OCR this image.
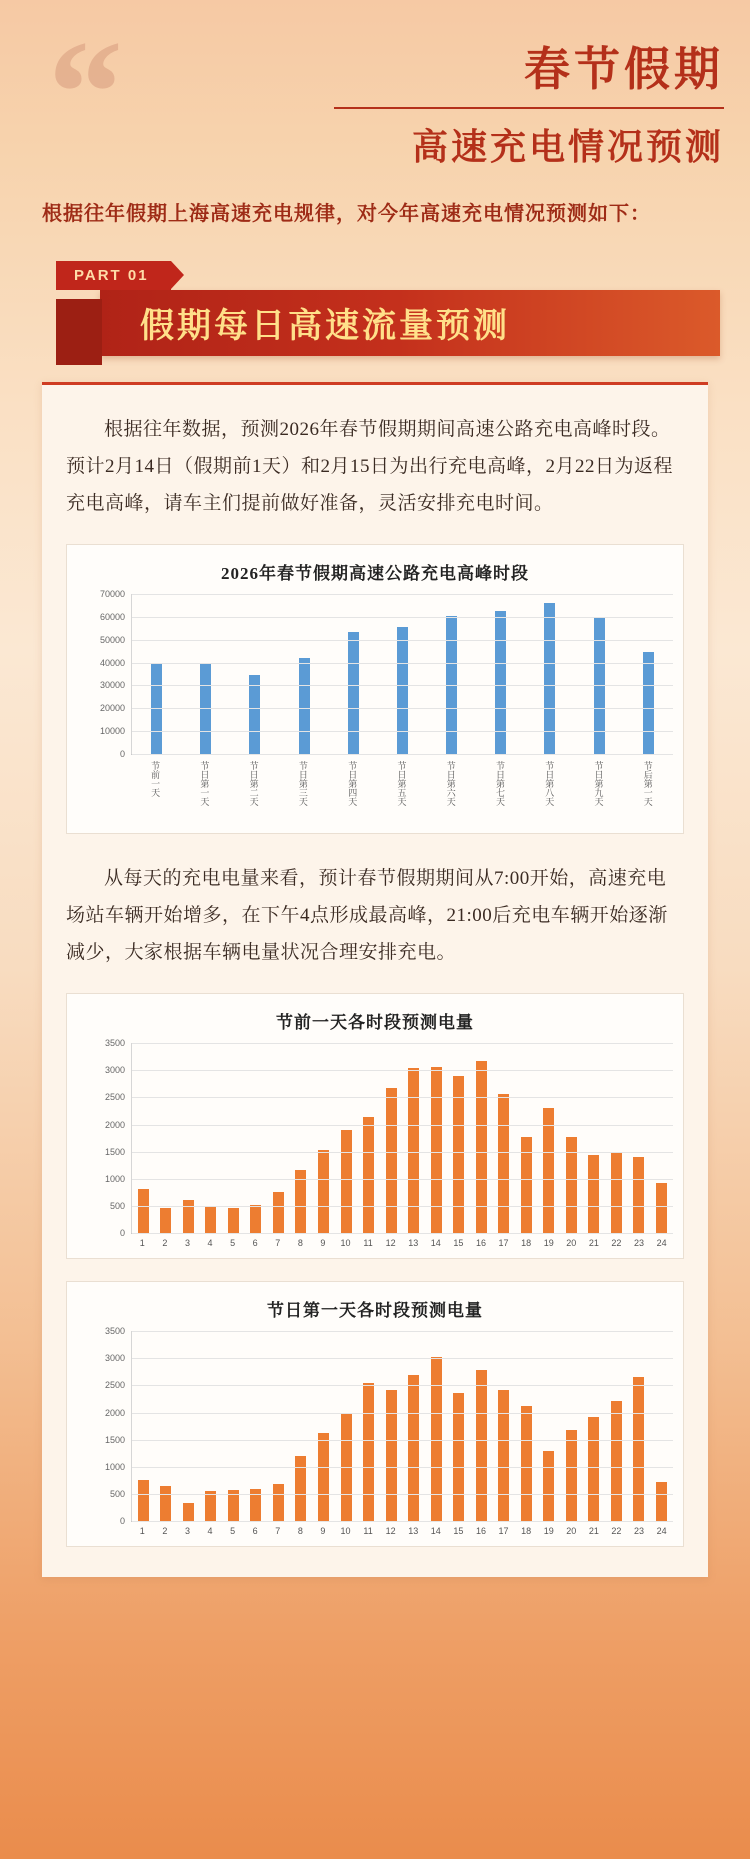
“	春节假期
高速充电情况预测
根据往年假期上海高速充电规律，对今年高速充电情况预测如下：
PART 01
假期每日高速流量预测
根据往年数据，预测2026年春节假期期间高速公路充电高峰时段。预计2月14日（假期前1天）和2月15日为出行充电高峰，2月22日为返程充电高峰，请车主们提前做好准备，灵活安排充电时间。
2026年春节假期高速公路充电高峰时段
0
10000
20000
30000
40000
50000
60000
70000
节前一天	节日第一天	节日第二天	节日第三天	节日第四天	节日第五天	节日第六天	节日第七天	节日第八天	节日第九天	节后第一天
从每天的充电电量来看，预计春节假期期间从7:00开始，高速充电场站车辆开始增多，在下午4点形成最高峰，21:00后充电车辆开始逐渐减少，大家根据车辆电量状况合理安排充电。
节前一天各时段预测电量
0
500
1000
1500
2000
2500
3000
3500
1	2	3	4	5	6	7	8	9	10	11	12	13	14	15	16	17	18	19	20	21	22	23	24
节日第一天各时段预测电量
0
500
1000
1500
2000
2500
3000
3500
1	2	3	4	5	6	7	8	9	10	11	12	13	14	15	16	17	18	19	20	21	22	23	24
